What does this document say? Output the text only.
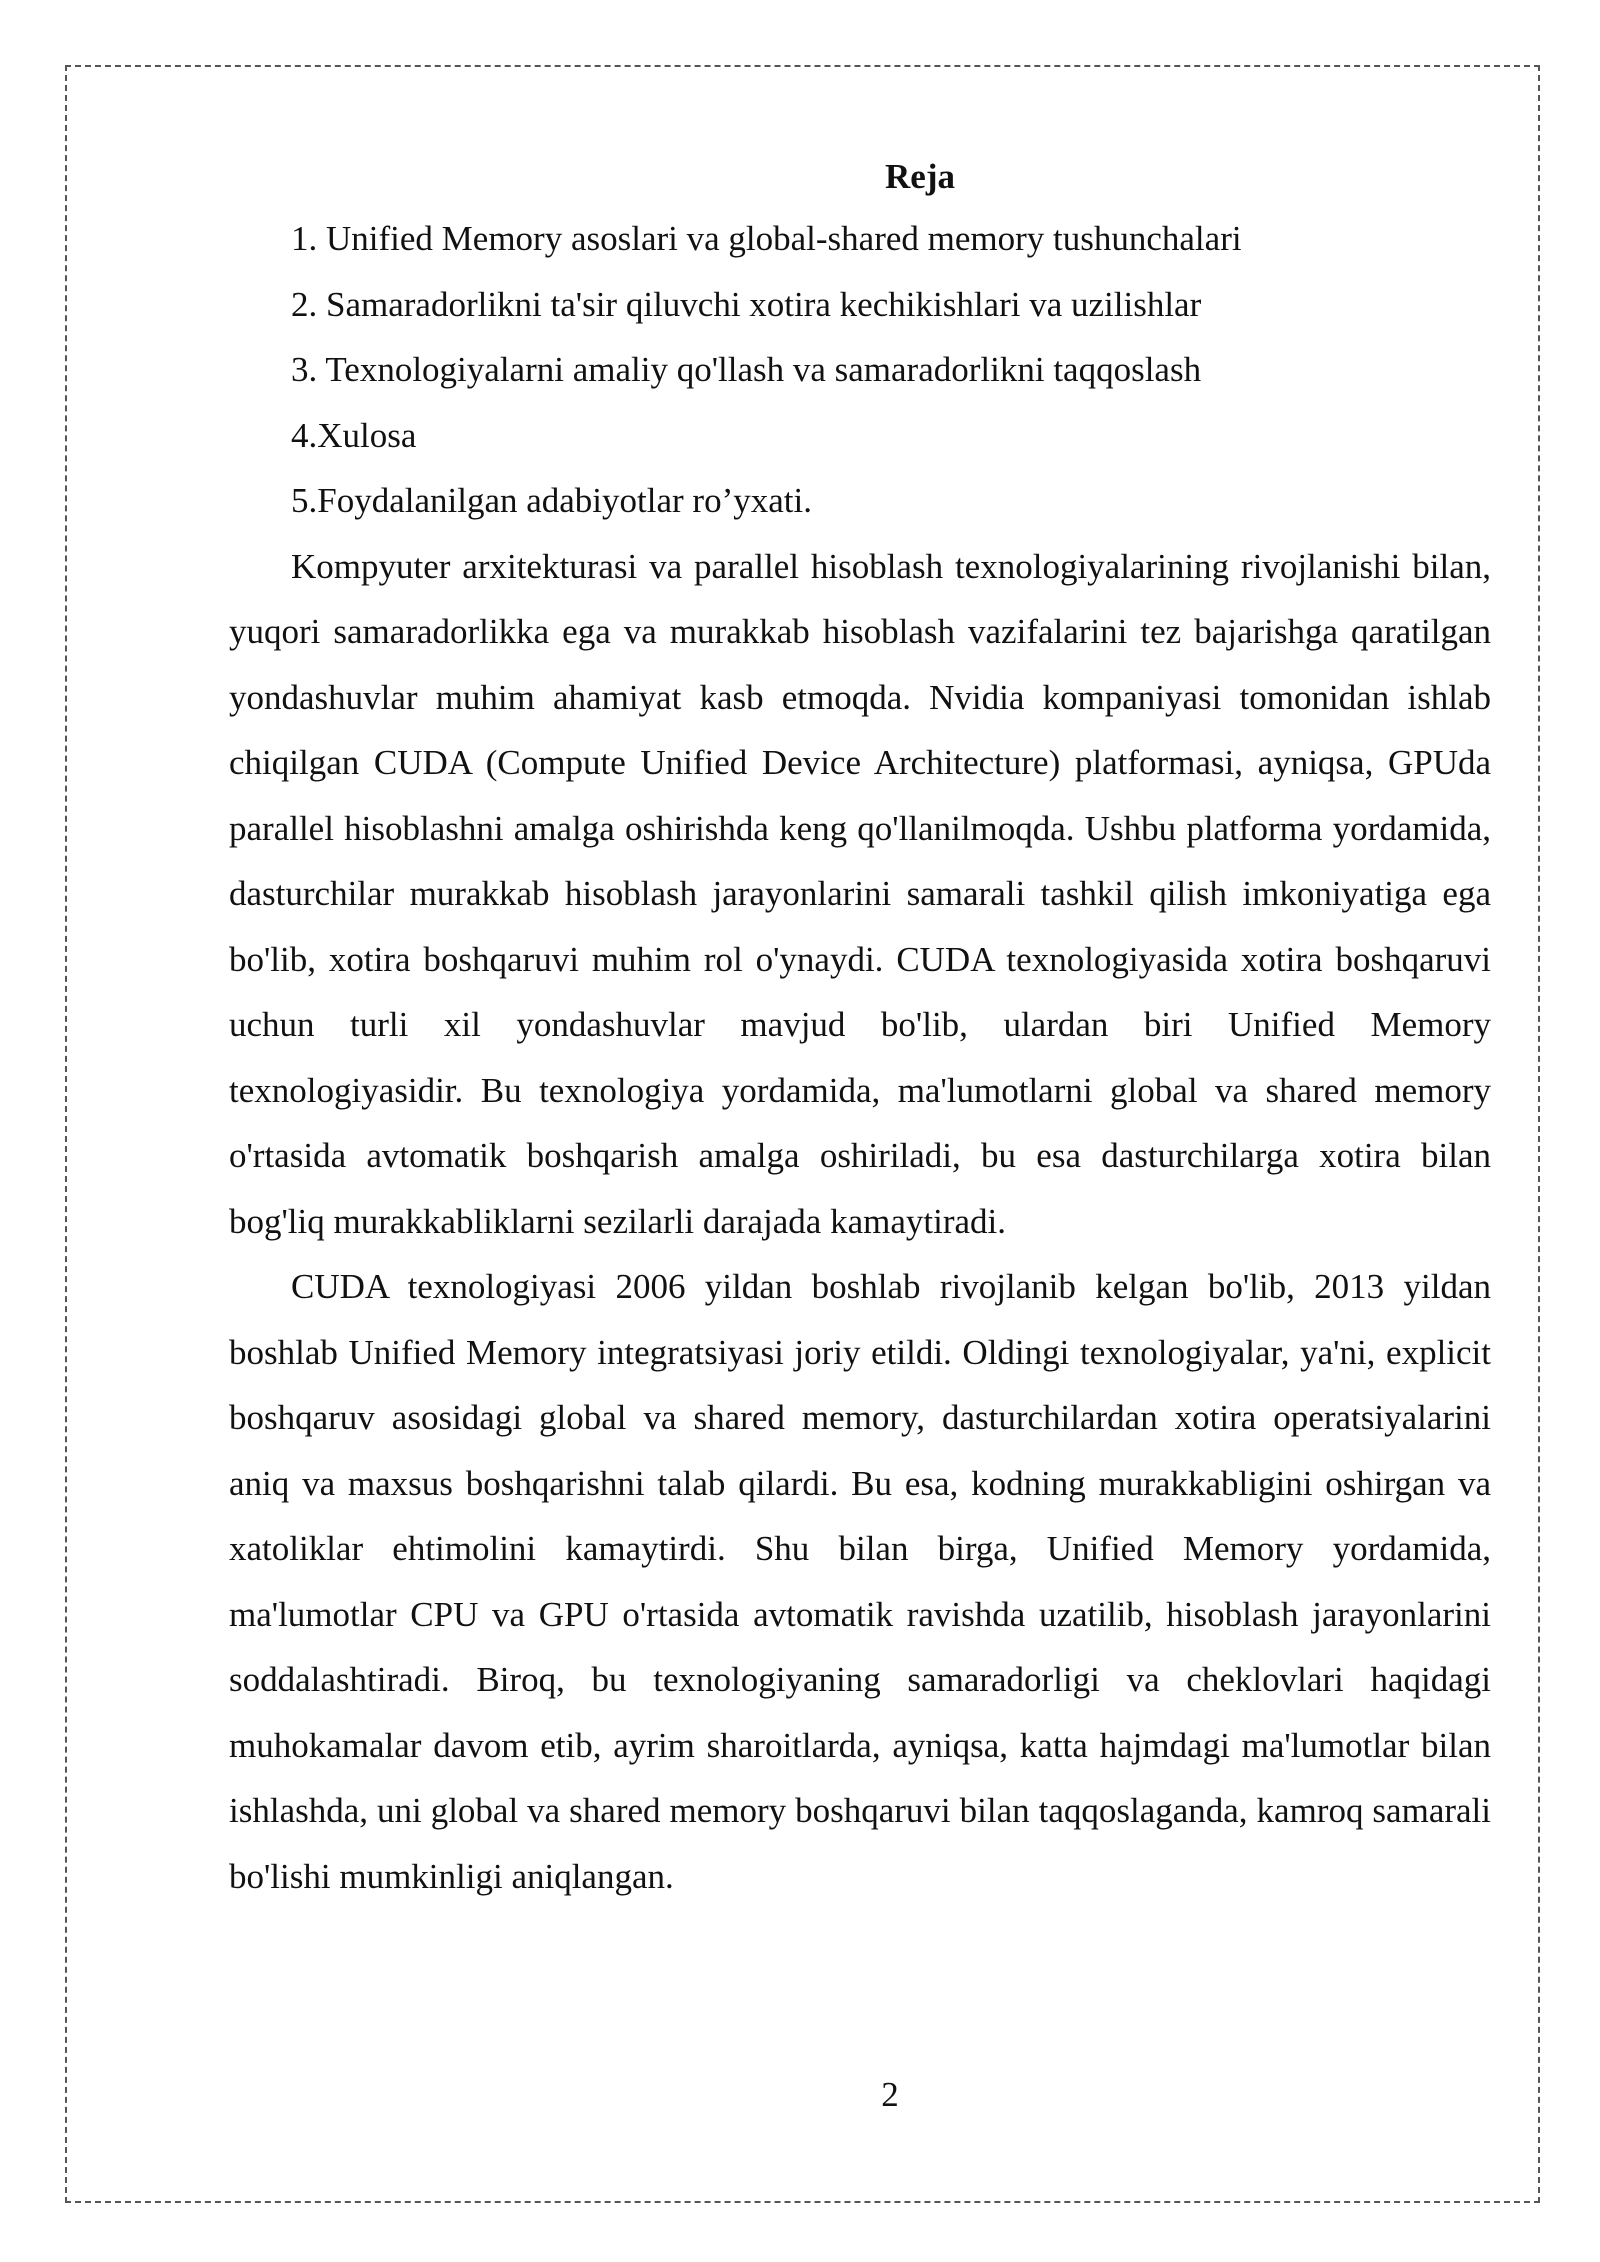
Reja
1. Unified Memory asoslari va global-shared memory tushunchalari
2. Samaradorlikni ta'sir qiluvchi xotira kechikishlari va uzilishlar
3. Texnologiyalarni amaliy qo'llash va samaradorlikni taqqoslash
4.Xulosa
5.Foydalanilgan adabiyotlar ro’yxati.

Kompyuter arxitekturasi va parallel hisoblash texnologiyalarining rivojlanishi bilan, yuqori samaradorlikka ega va murakkab hisoblash vazifalarini tez bajarishga qaratilgan yondashuvlar muhim ahamiyat kasb etmoqda. Nvidia kompaniyasi tomonidan ishlab chiqilgan CUDA (Compute Unified Device Architecture) platformasi, ayniqsa, GPUda parallel hisoblashni amalga oshirishda keng qo'llanilmoqda. Ushbu platforma yordamida, dasturchilar murakkab hisoblash jarayonlarini samarali tashkil qilish imkoniyatiga ega bo'lib, xotira boshqaruvi muhim rol o'ynaydi. CUDA texnologiyasida xotira boshqaruvi uchun turli xil yondashuvlar mavjud bo'lib, ulardan biri Unified Memory texnologiyasidir. Bu texnologiya yordamida, ma'lumotlarni global va shared memory o'rtasida avtomatik boshqarish amalga oshiriladi, bu esa dasturchilarga xotira bilan bog'liq murakkabliklarni sezilarli darajada kamaytiradi.

CUDA texnologiyasi 2006 yildan boshlab rivojlanib kelgan bo'lib, 2013 yildan boshlab Unified Memory integratsiyasi joriy etildi. Oldingi texnologiyalar, ya'ni, explicit boshqaruv asosidagi global va shared memory, dasturchilardan xotira operatsiyalarini aniq va maxsus boshqarishni talab qilardi. Bu esa, kodning murakkabligini oshirgan va xatoliklar ehtimolini kamaytirdi. Shu bilan birga, Unified Memory yordamida, ma'lumotlar CPU va GPU o'rtasida avtomatik ravishda uzatilib, hisoblash jarayonlarini soddalashtiradi. Biroq, bu texnologiyaning samaradorligi va cheklovlari haqidagi muhokamalar davom etib, ayrim sharoitlarda, ayniqsa, katta hajmdagi ma'lumotlar bilan ishlashda, uni global va shared memory boshqaruvi bilan taqqoslaganda, kamroq samarali bo'lishi mumkinligi aniqlangan.

2
